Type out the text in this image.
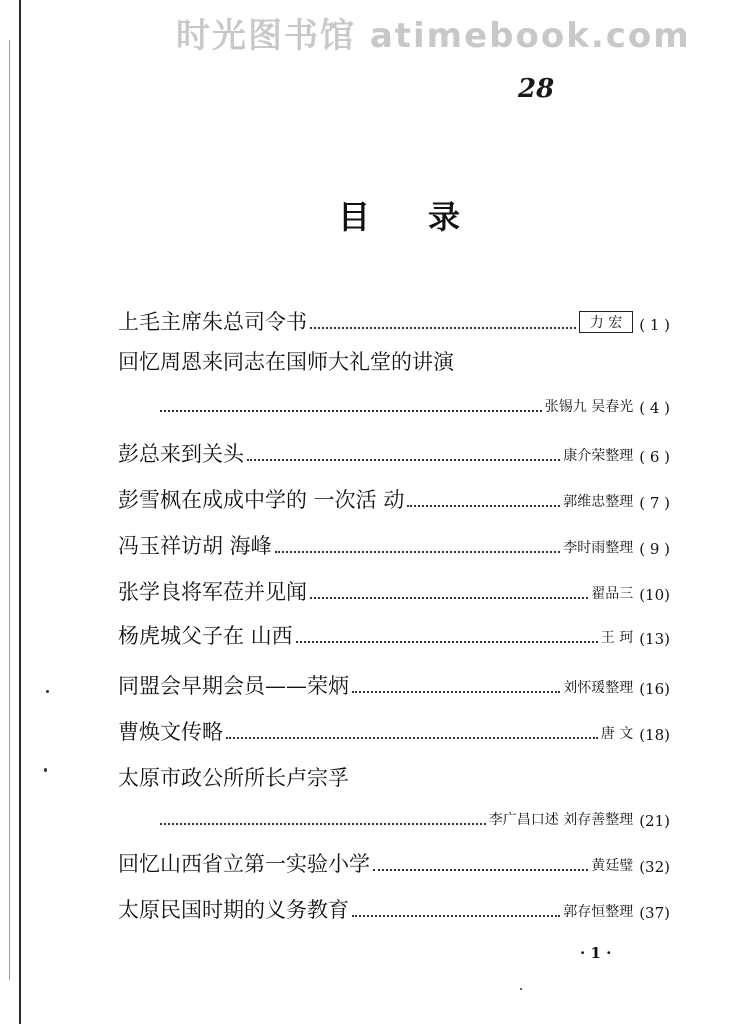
时光图书馆 atimebook.com
28
目录
上毛主席朱总司令书	力 宏	( 1 )
回忆周恩来同志在国师大礼堂的讲演
张锡九 吴春光 ( 4 )
彭总来到关头	康介荣整理 ( 6 )
彭雪枫在成成中学的 一次活 动	郭维忠整理 ( 7 )
冯玉祥访胡 海峰	李时雨整理 ( 9 )
张学良将军莅并见闻	翟品三 (10)
杨虎城父子在 山西	王 珂 (13)
同盟会早期会员——荣炳	刘怀瑗整理 (16)
曹焕文传略	唐 文 (18)
太原市政公所所长卢宗孚
李广昌口述 刘存善整理 (21)
回忆山西省立第一实验小学	黄廷璧 (32)
太原民国时期的义务教育	郭存恒整理 (37)
· 1 ·
